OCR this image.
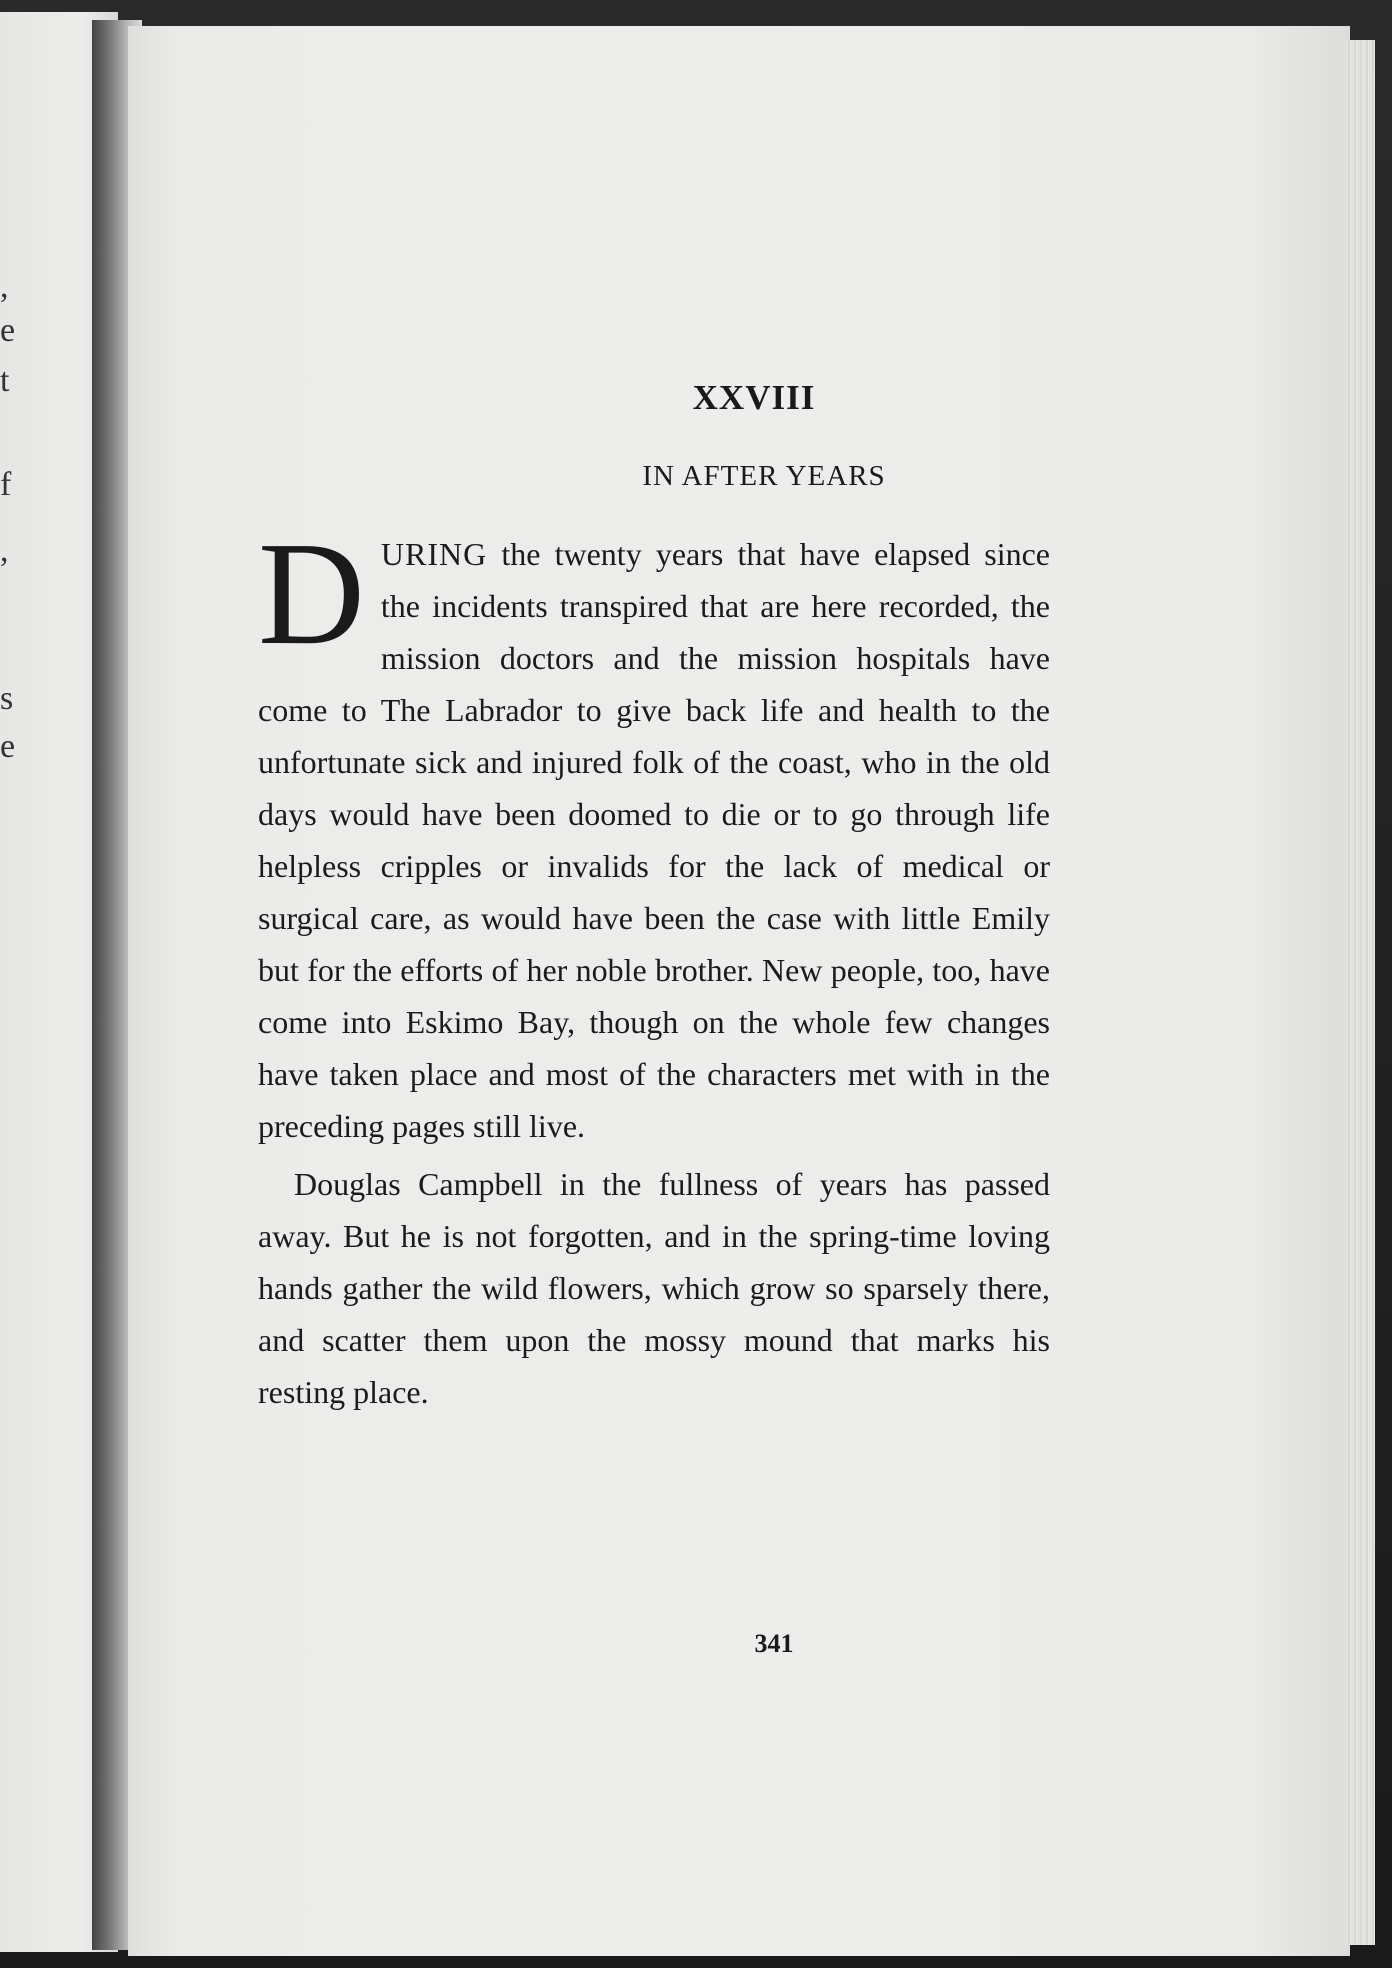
,
e
t
f
,
s
e
XXVIII
IN AFTER YEARS

DURING the twenty years that have elapsed since the incidents transpired that are here recorded, the mission doctors and the mission hospitals have come to The Labrador to give back life and health to the unfortunate sick and injured folk of the coast, who in the old days would have been doomed to die or to go through life helpless cripples or invalids for the lack of medical or surgical care, as would have been the case with little Emily but for the efforts of her noble brother. New people, too, have come into Eskimo Bay, though on the whole few changes have taken place and most of the characters met with in the preceding pages still live.

Douglas Campbell in the fullness of years has passed away. But he is not forgotten, and in the spring-time loving hands gather the wild flowers, which grow so sparsely there, and scatter them upon the mossy mound that marks his resting place.

341
